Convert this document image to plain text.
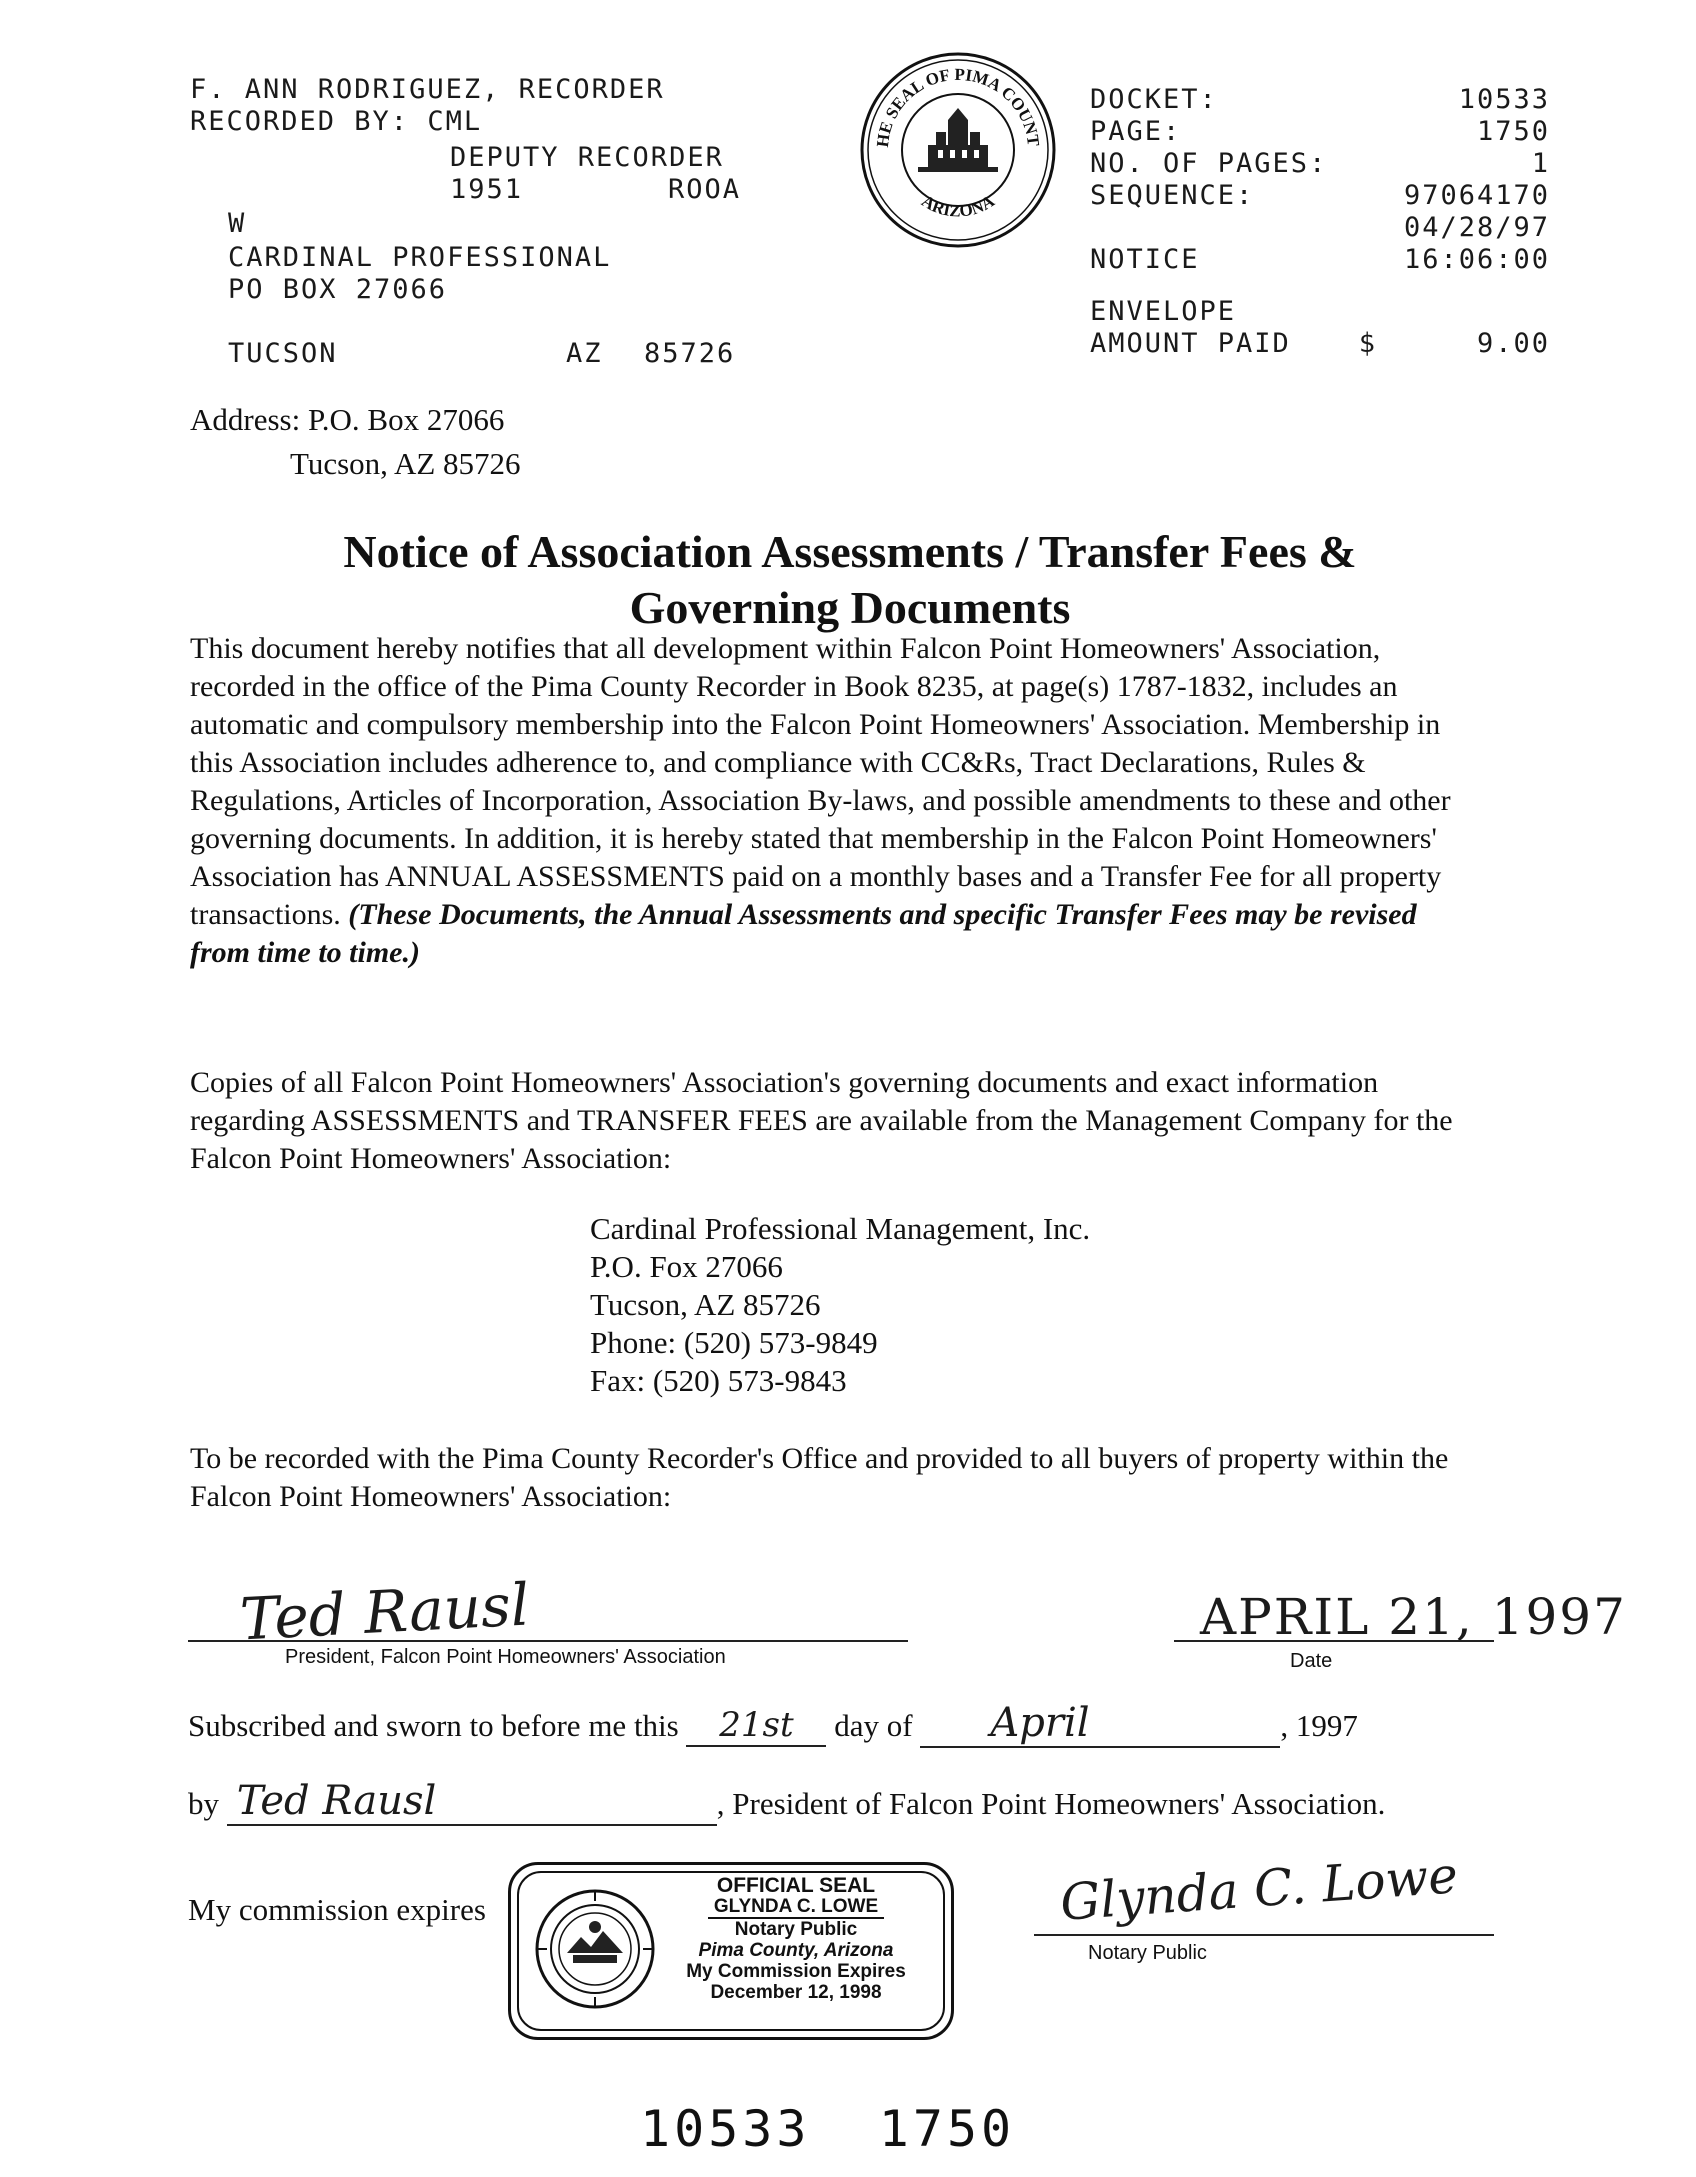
F. ANN RODRIGUEZ, RECORDER
RECORDED BY: CML
DEPUTY RECORDER
1951	ROOA
W
CARDINAL PROFESSIONAL
PO BOX 27066
TUCSON	AZ 85726
HE SEAL OF PIMA COUNT
ARIZONA
DOCKET:	10533
PAGE:	1750
NO. OF PAGES:	1
SEQUENCE:	97064170
04/28/97
NOTICE	16:06:00
ENVELOPE
AMOUNT PAID	$	9.00
Address: P.O. Box 27066
Tucson, AZ 85726
Notice of Association Assessments / Transfer Fees &
Governing Documents
This document hereby notifies that all development within Falcon Point Homeowners' Association, recorded in the office of the Pima County Recorder in Book 8235, at page(s) 1787-1832, includes an automatic and compulsory membership into the Falcon Point Homeowners' Association. Membership in this Association includes adherence to, and compliance with CC&Rs, Tract Declarations, Rules & Regulations, Articles of Incorporation, Association By-laws, and possible amendments to these and other governing documents. In addition, it is hereby stated that membership in the Falcon Point Homeowners' Association has ANNUAL ASSESSMENTS paid on a monthly bases and a Transfer Fee for all property transactions. (These Documents, the Annual Assessments and specific Transfer Fees may be revised from time to time.)
Copies of all Falcon Point Homeowners' Association's governing documents and exact information regarding ASSESSMENTS and TRANSFER FEES are available from the Management Company for the Falcon Point Homeowners' Association:
Cardinal Professional Management, Inc.
P.O. Fox 27066
Tucson, AZ 85726
Phone: (520) 573-9849
Fax: (520) 573-9843
To be recorded with the Pima County Recorder's Office and provided to all buyers of property within the Falcon Point Homeowners' Association:
Ted Rausl
President, Falcon Point Homeowners' Association
APRIL 21, 1997
Date
Subscribed and sworn to before me this 21st day of April	, 1997
by Ted Rausl	, President of Falcon Point Homeowners' Association.
My commission expires
OFFICIAL SEAL
GLYNDA C. LOWE
Notary Public
Pima County, Arizona
My Commission Expires
December 12, 1998
Glynda C. Lowe
Notary Public
10533 1750
